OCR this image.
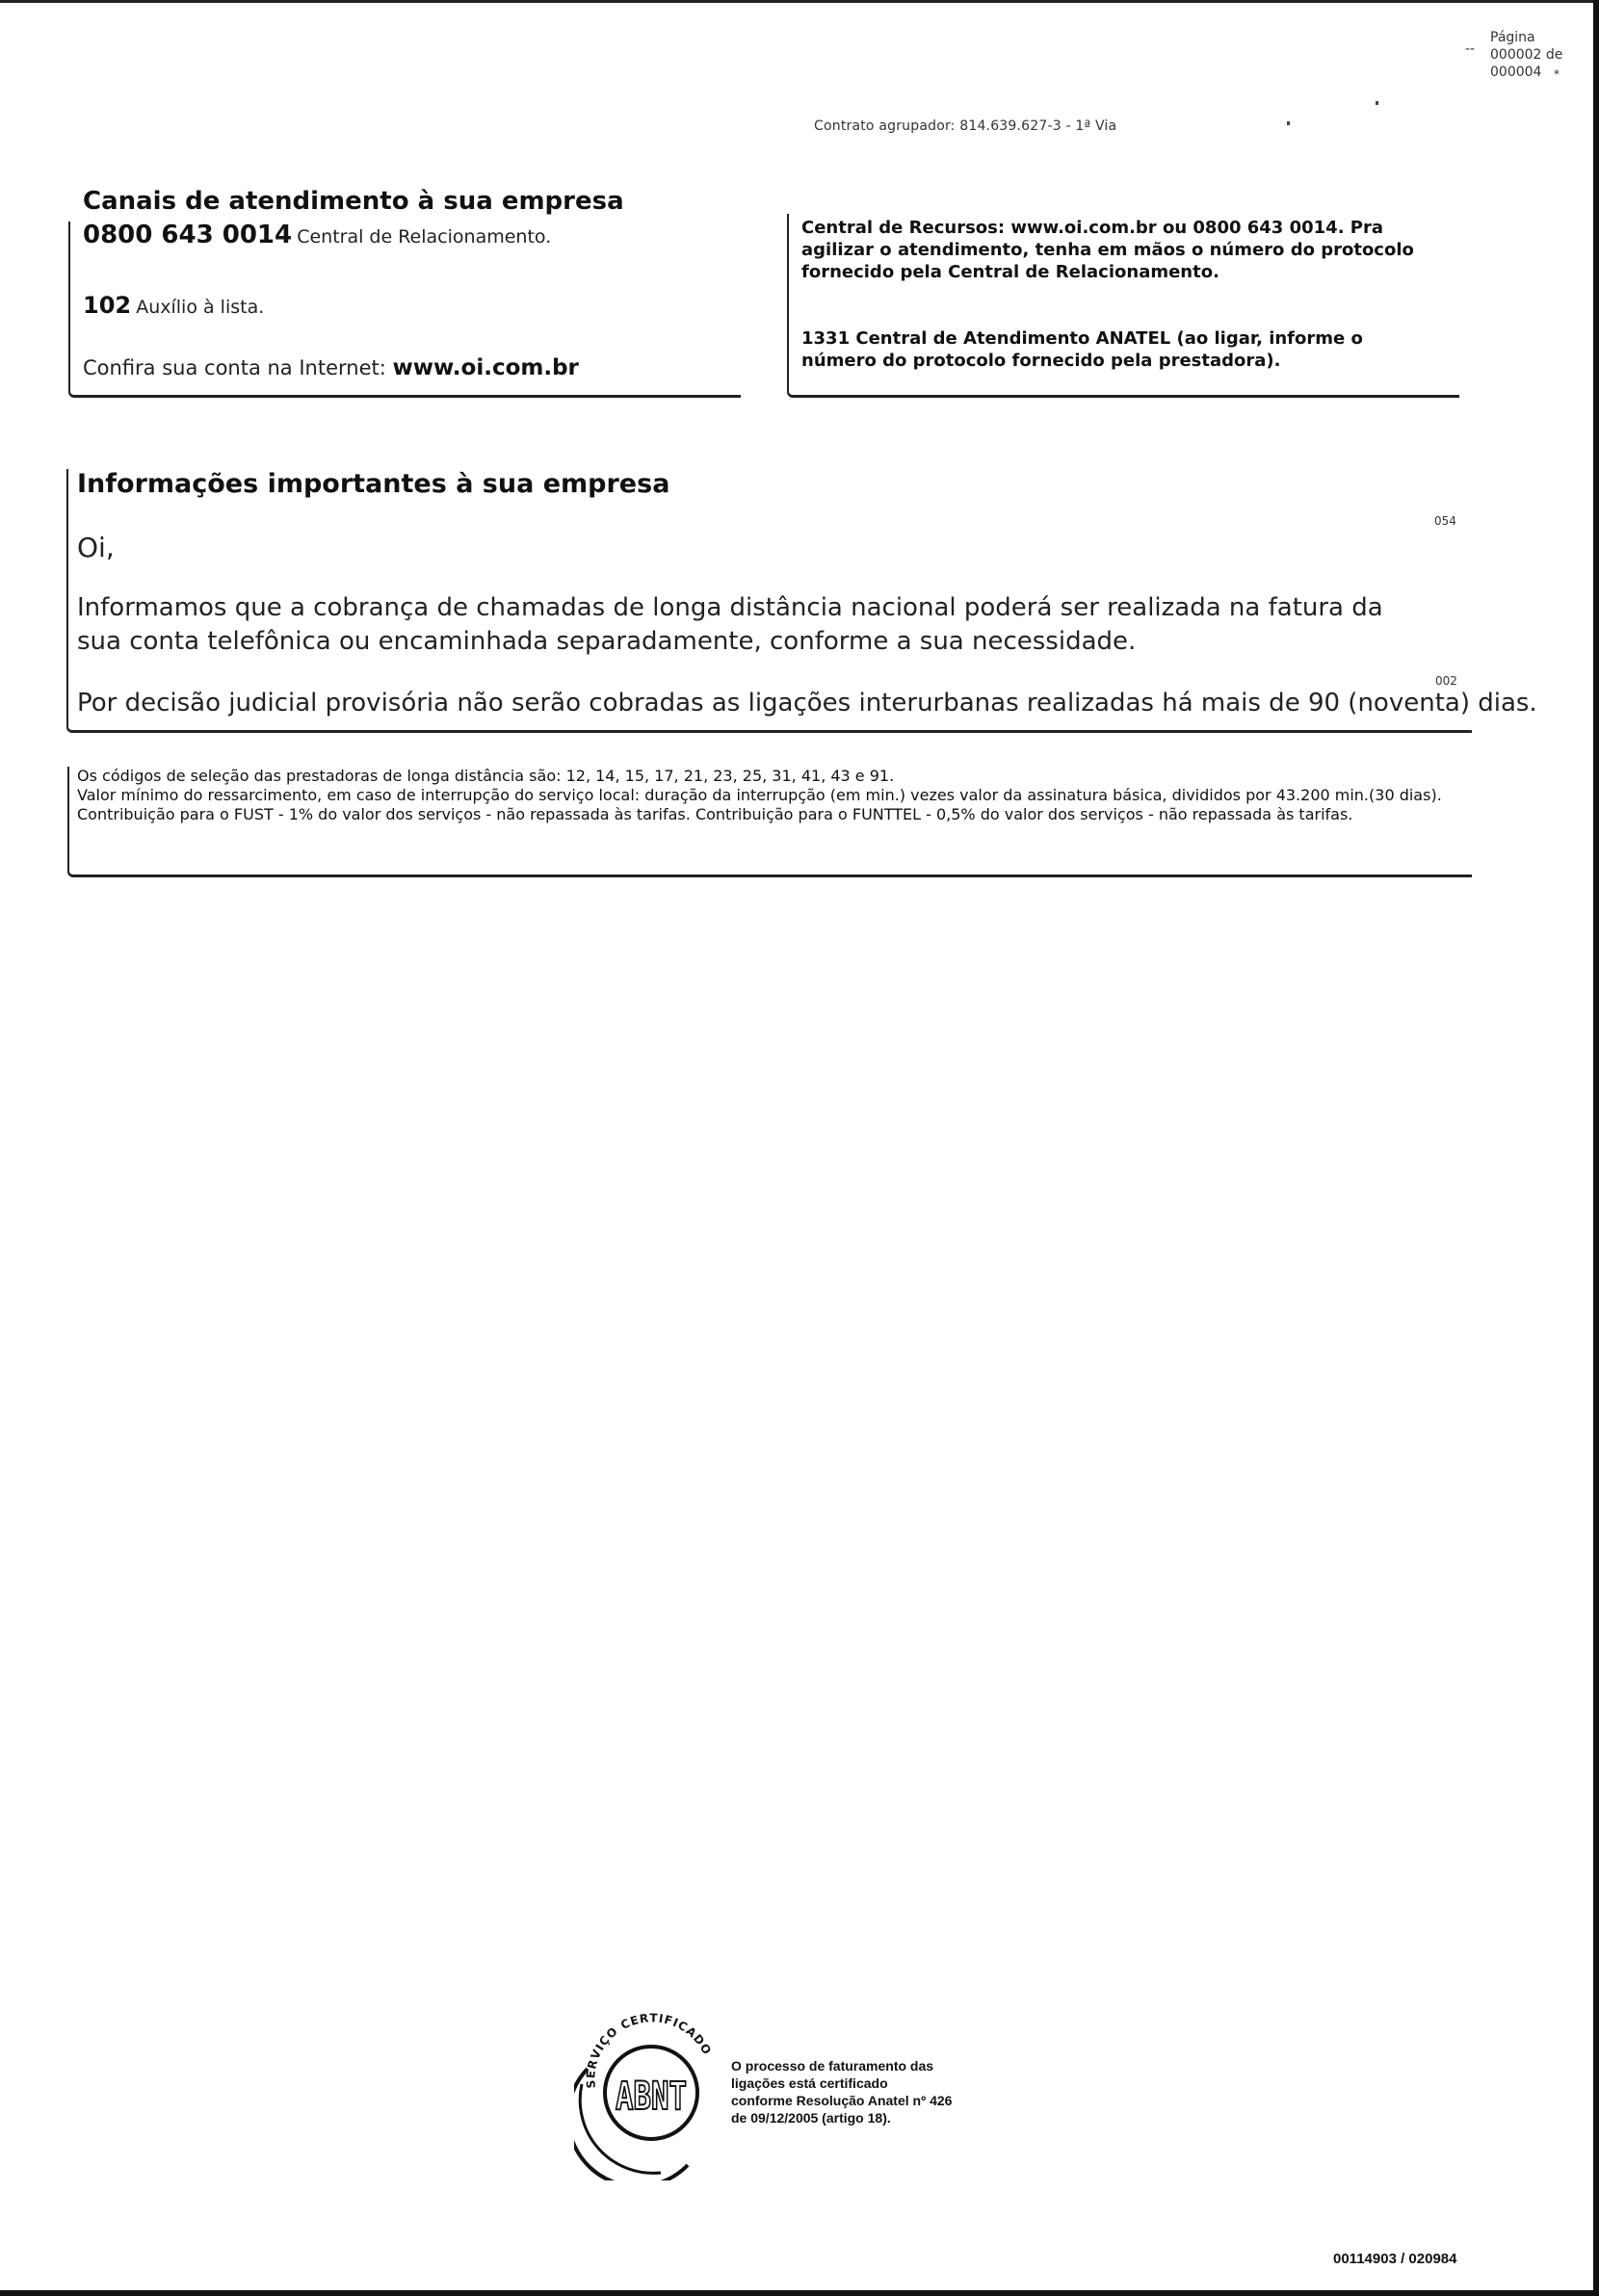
--
Página
000002 de
000004	*
Contrato agrupador: 814.639.627-3 - 1ª Via
Canais de atendimento à sua empresa
0800 643 0014 Central de Relacionamento.
102 Auxílio à lista.
Confira sua conta na Internet: www.oi.com.br
Central de Recursos: www.oi.com.br ou 0800 643 0014. Pra agilizar o atendimento, tenha em mãos o número do protocolo fornecido pela Central de Relacionamento.
1331 Central de Atendimento ANATEL (ao ligar, informe o número do protocolo fornecido pela prestadora).
Informações importantes à sua empresa
054
Oi,
Informamos que a cobrança de chamadas de longa distância nacional poderá ser realizada na fatura da sua conta telefônica ou encaminhada separadamente, conforme a sua necessidade.
002
Por decisão judicial provisória não serão cobradas as ligações interurbanas realizadas há mais de 90 (noventa) dias.

Os códigos de seleção das prestadoras de longa distância são: 12, 14, 15, 17, 21, 23, 25, 31, 41, 43 e 91.

Valor mínimo do ressarcimento, em caso de interrupção do serviço local: duração da interrupção (em min.) vezes valor da assinatura básica, divididos por 43.200 min.(30 dias).

Contribuição para o FUST - 1% do valor dos serviços - não repassada às tarifas. Contribuição para o FUNTTEL - 0,5% do valor dos serviços - não repassada às tarifas.

SERVIÇO CERTIFICADO
ABNT
O processo de faturamento das ligações está certificado conforme Resolução Anatel nº 426 de 09/12/2005 (artigo 18).
00114903 / 020984
